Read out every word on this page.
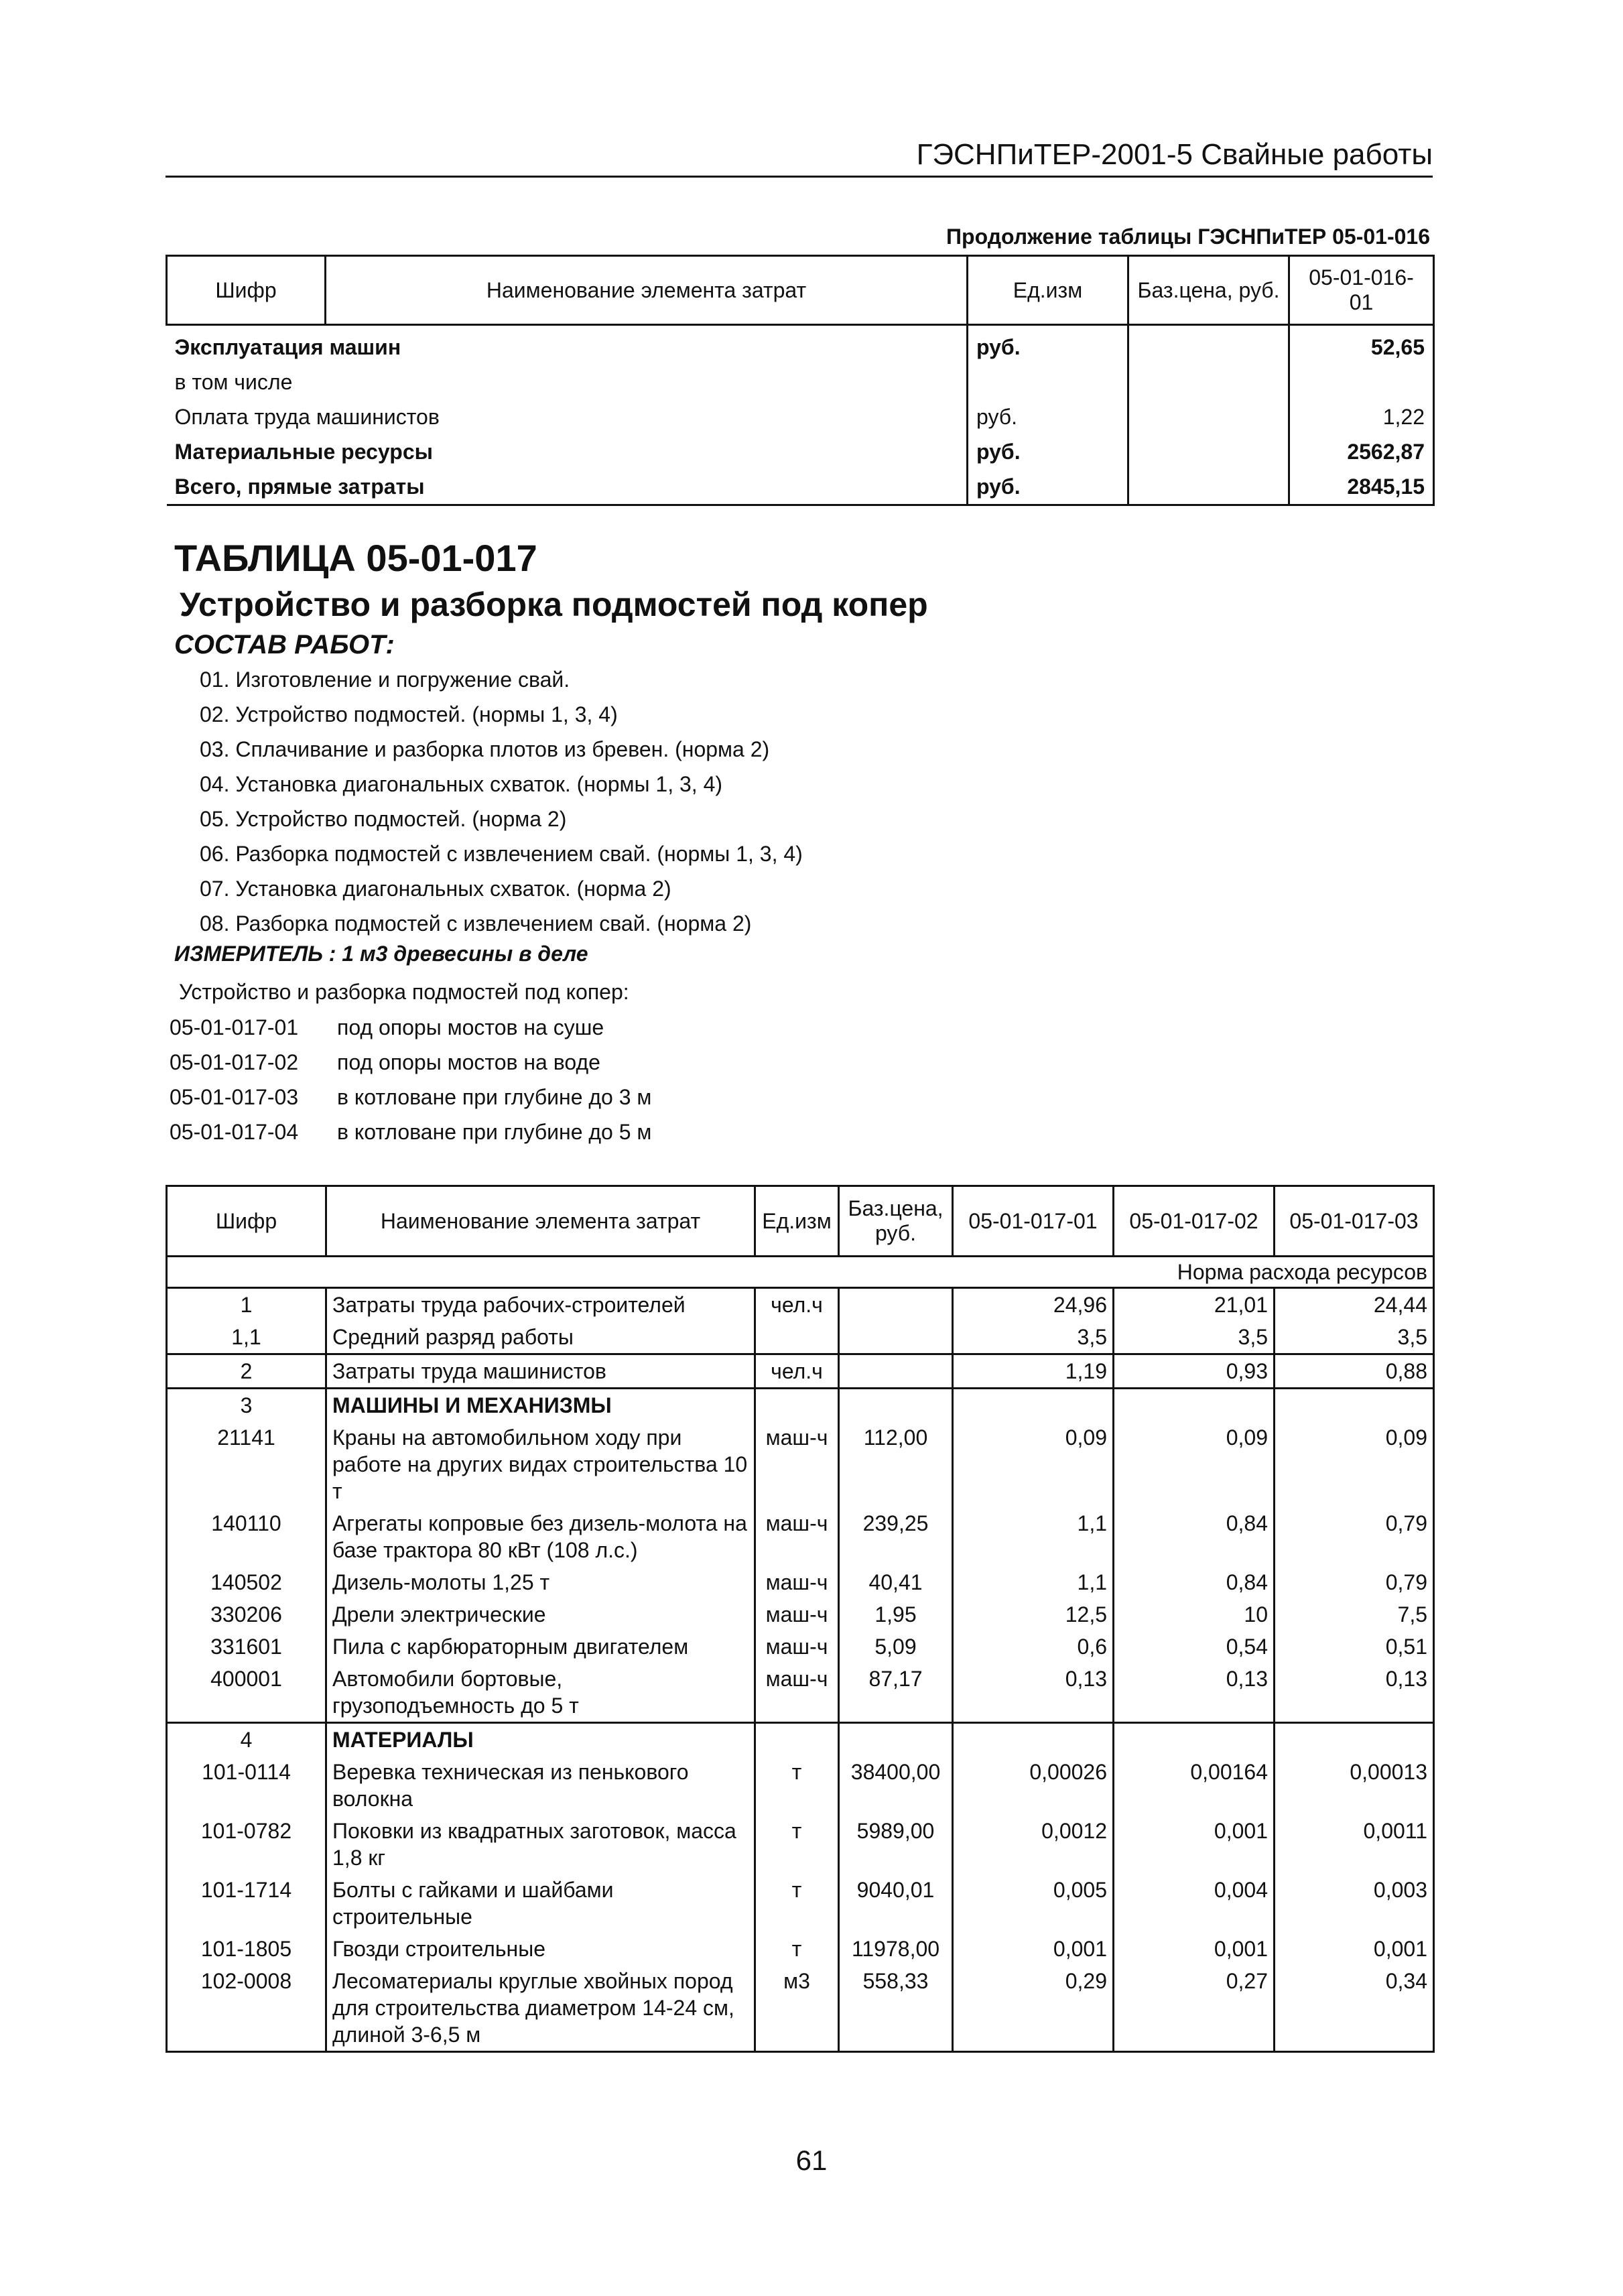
ГЭСНПиТЕР-2001-5 Свайные работы
Продолжение таблицы ГЭСНПиТЕР 05-01-016
Шифр	Наименование элемента затрат	Ед.изм	Баз.цена, руб.	05-01-016-01
Эксплуатация машин		руб.		52,65
в том числе				
Оплата труда машинистов		руб.		1,22
Материальные ресурсы		руб.		2562,87
Всего, прямые затраты		руб.		2845,15
ТАБЛИЦА 05-01-017
Устройство и разборка подмостей под копер
СОСТАВ РАБОТ:
01. Изготовление и погружение свай.
02. Устройство подмостей. (нормы 1, 3, 4)
03. Сплачивание и разборка плотов из бревен. (норма 2)
04. Установка диагональных схваток. (нормы 1, 3, 4)
05. Устройство подмостей. (норма 2)
06. Разборка подмостей с извлечением свай. (нормы 1, 3, 4)
07. Установка диагональных схваток. (норма 2)
08. Разборка подмостей с извлечением свай. (норма 2)
ИЗМЕРИТЕЛЬ : 1 м3 древесины в деле
Устройство и разборка подмостей под копер:
05-01-017-01	под опоры мостов на суше
05-01-017-02	под опоры мостов на воде
05-01-017-03	в котловане при глубине до 3 м
05-01-017-04	в котловане при глубине до 5 м
Шифр	Наименование элемента затрат	Ед.изм	Баз.цена, руб.	05-01-017-01	05-01-017-02	05-01-017-03
Норма расхода ресурсов						
1	Затраты труда рабочих-строителей	чел.ч		24,96	21,01	24,44
1,1	Средний разряд работы			3,5	3,5	3,5
2	Затраты труда машинистов	чел.ч		1,19	0,93	0,88
3	МАШИНЫ И МЕХАНИЗМЫ					
21141	Краны на автомобильном ходу при работе на других видах строительства 10 т	маш-ч	112,00	0,09	0,09	0,09
140110	Агрегаты копровые без дизель-молота на базе трактора 80 кВт (108 л.с.)	маш-ч	239,25	1,1	0,84	0,79
140502	Дизель-молоты 1,25 т	маш-ч	40,41	1,1	0,84	0,79
330206	Дрели электрические	маш-ч	1,95	12,5	10	7,5
331601	Пила с карбюраторным двигателем	маш-ч	5,09	0,6	0,54	0,51
400001	Автомобили бортовые, грузоподъемность до 5 т	маш-ч	87,17	0,13	0,13	0,13
4	МАТЕРИАЛЫ					
101-0114	Веревка техническая из пенькового волокна	т	38400,00	0,00026	0,00164	0,00013
101-0782	Поковки из квадратных заготовок, масса 1,8 кг	т	5989,00	0,0012	0,001	0,0011
101-1714	Болты с гайками и шайбами строительные	т	9040,01	0,005	0,004	0,003
101-1805	Гвозди строительные	т	11978,00	0,001	0,001	0,001
102-0008	Лесоматериалы круглые хвойных пород для строительства диаметром 14-24 см, длиной 3-6,5 м	м3	558,33	0,29	0,27	0,34
61
